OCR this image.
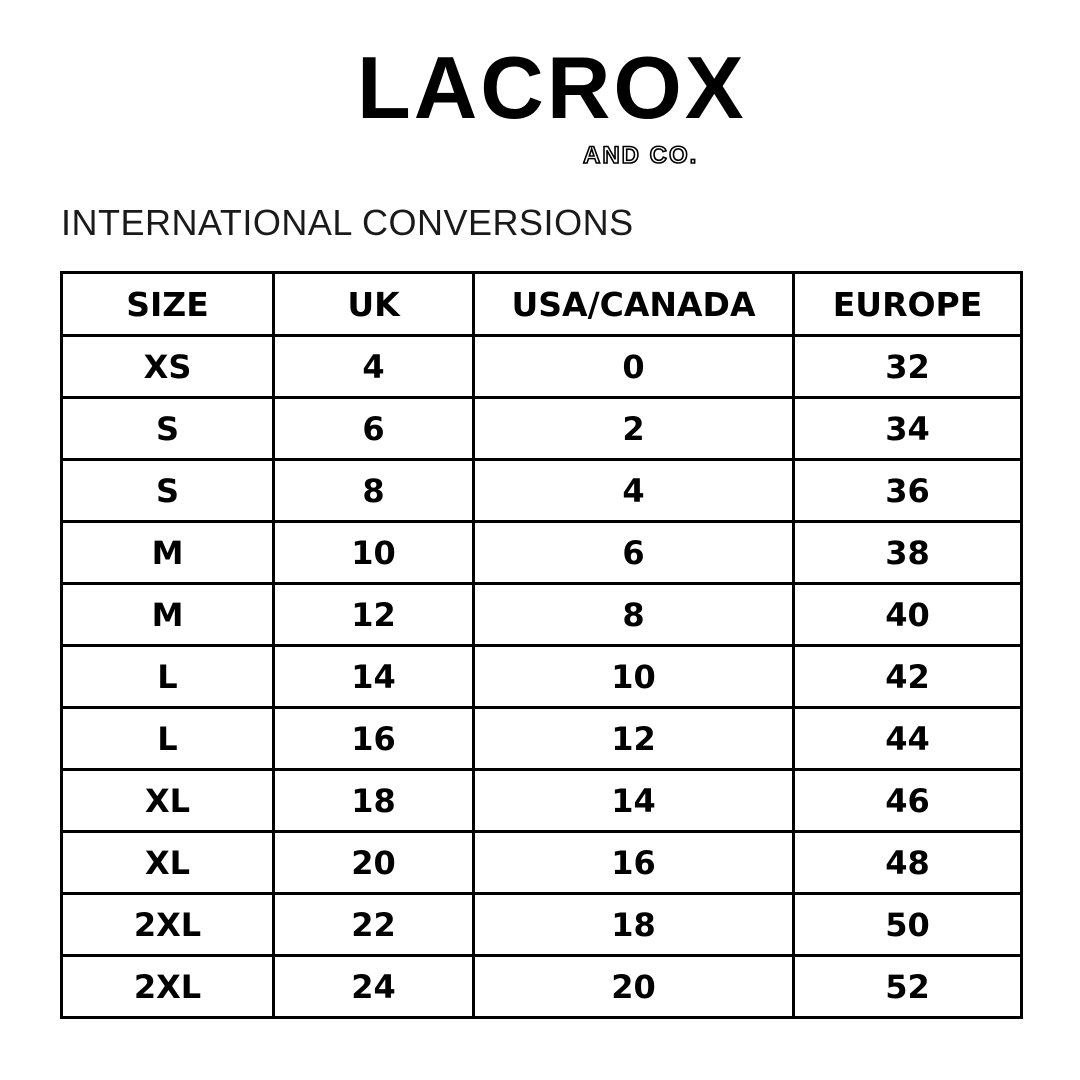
LACROX
AND CO.
INTERNATIONAL CONVERSIONS
SIZE	UK	USA/CANADA	EUROPE
XS	4	0	32
S	6	2	34
S	8	4	36
M	10	6	38
M	12	8	40
L	14	10	42
L	16	12	44
XL	18	14	46
XL	20	16	48
2XL	22	18	50
2XL	24	20	52
